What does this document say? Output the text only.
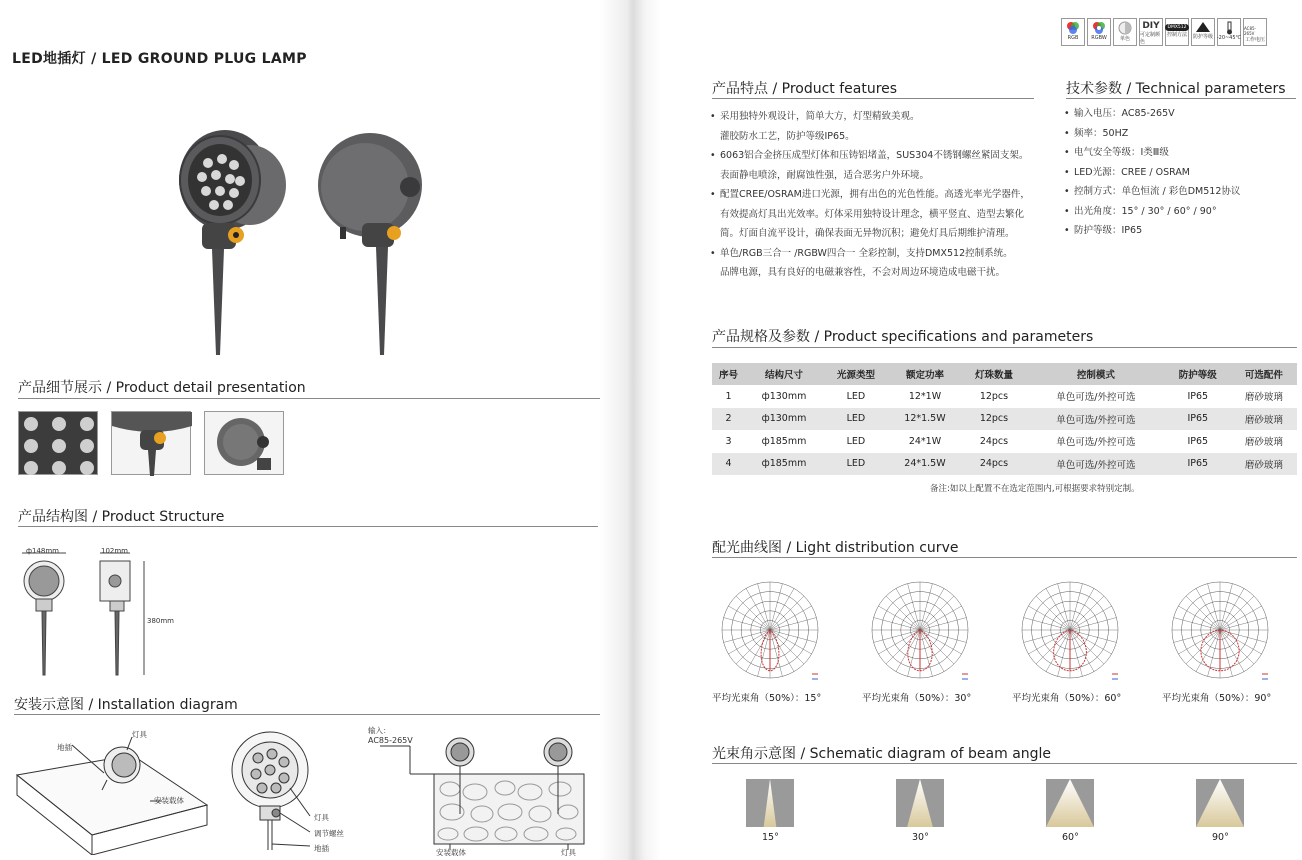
LED地插灯 / LED GROUND PLUG LAMP
产品细节展示 / Product detail presentation
产品结构图 / Product Structure
ф148mm	102mm
380mm
安装示意图 / Installation diagram
地插
灯具
安装载体
灯具
调节螺丝
地插
输入：
AC85-265V
安装载体	灯具
RGB	RGBW	单色
DIY
可定制颜色
DMX512
控制方法 防护等级 -20~45℃
AC85-265V
工作电压
产品特点 / Product features
• 采用独特外观设计，简单大方，灯型精致美观。
灌胶防水工艺，防护等级IP65。
• 6063铝合金挤压成型灯体和压铸铝堵盖，SUS304不锈钢螺丝紧固支架。
表面静电喷涂，耐腐蚀性强，适合恶劣户外环境。
• 配置CREE/OSRAM进口光源，拥有出色的光色性能。高透光率光学器件，
有效提高灯具出光效率。灯体采用独特设计理念，横平竖直、造型去繁化
简。灯面自流平设计，确保表面无异物沉积；避免灯具后期维护清理。
• 单色/RGB三合一 /RGBW四合一 全彩控制，支持DMX512控制系统。
品牌电源，具有良好的电磁兼容性，不会对周边环境造成电磁干扰。
技术参数 / Technical parameters
• 输入电压：AC85-265V
• 频率：50HZ
• 电气安全等级：I类Ⅲ级
• LED光源：CREE / OSRAM
• 控制方式：单色恒流 / 彩色DM512协议
• 出光角度：15° / 30° / 60° / 90°
• 防护等级：IP65
产品规格及参数 / Product specifications and parameters
序号	结构尺寸	光源类型	额定功率	灯珠数量	控制模式	防护等级	可选配件
1	ф130mm	LED	12*1W	12pcs	单色可选/外控可选	IP65	磨砂玻璃
2	ф130mm	LED	12*1.5W	12pcs	单色可选/外控可选	IP65	磨砂玻璃
3	ф185mm	LED	24*1W	24pcs	单色可选/外控可选	IP65	磨砂玻璃
4	ф185mm	LED	24*1.5W	24pcs	单色可选/外控可选	IP65	磨砂玻璃
备注:如以上配置不在选定范围内,可根据要求特别定制。
配光曲线图 / Light distribution curve
平均光束角（50%）：15°	平均光束角（50%）：30°	平均光束角（50%）：60°	平均光束角（50%）：90°
光束角示意图 / Schematic diagram of beam angle
15°	30°	60°	90°
